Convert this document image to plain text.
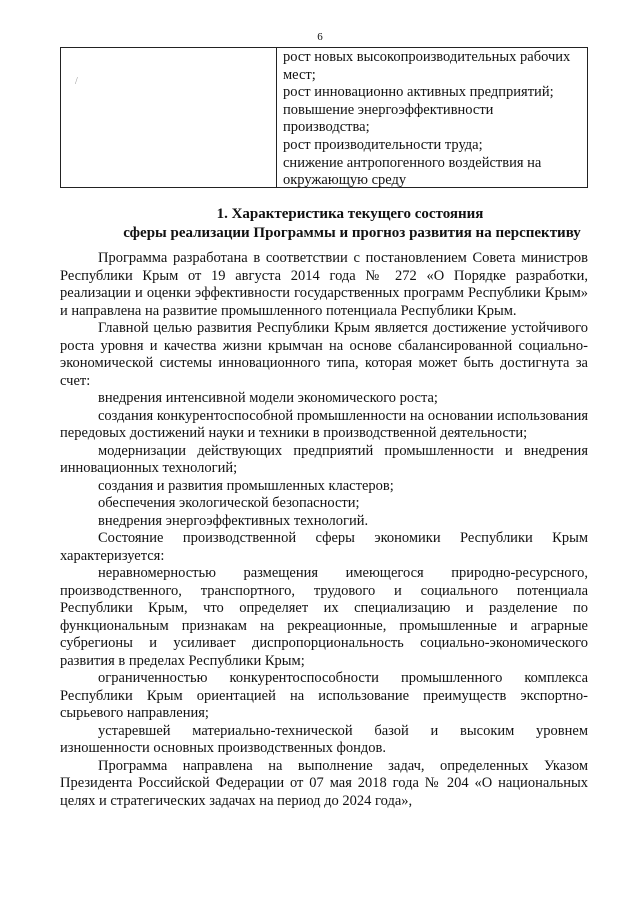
6
/
рост новых высокопроизводительных рабочих
мест;
рост инновационно активных предприятий;
повышение энергоэффективности
производства;
рост производительности труда;
снижение антропогенного воздействия на
окружающую среду
1. Характеристика текущего состояния
сферы реализации Программы и прогноз развития на перспективу

Программа разработана в соответствии с постановлением Совета министров Республики Крым от 19 августа 2014 года № 272 «О Порядке разработки, реализации и оценки эффективности государственных программ Республики Крым» и направлена на развитие промышленного потенциала Республики Крым.

Главной целью развития Республики Крым является достижение устойчивого роста уровня и качества жизни крымчан на основе сбалансированной социально-экономической системы инновационного типа, которая может быть достигнута за счет:

внедрения интенсивной модели экономического роста;

создания конкурентоспособной промышленности на основании использования передовых достижений науки и техники в производственной деятельности;

модернизации действующих предприятий промышленности и внедрения инновационных технологий;

создания и развития промышленных кластеров;

обеспечения экологической безопасности;

внедрения энергоэффективных технологий.

Состояние производственной сферы экономики Республики Крым характеризуется:

неравномерностью размещения имеющегося природно-ресурсного, производственного, транспортного, трудового и социального потенциала Республики Крым, что определяет их специализацию и разделение по функциональным признакам на рекреационные, промышленные и аграрные субрегионы и усиливает диспропорциональность социально-экономического развития в пределах Республики Крым;

ограниченностью конкурентоспособности промышленного комплекса Республики Крым ориентацией на использование преимуществ экспортно-сырьевого направления;

устаревшей материально-технической базой и высоким уровнем изношенности основных производственных фондов.

Программа направлена на выполнение задач, определенных Указом Президента Российской Федерации от 07 мая 2018 года № 204 «О национальных целях и стратегических задачах на период до 2024 года»,
